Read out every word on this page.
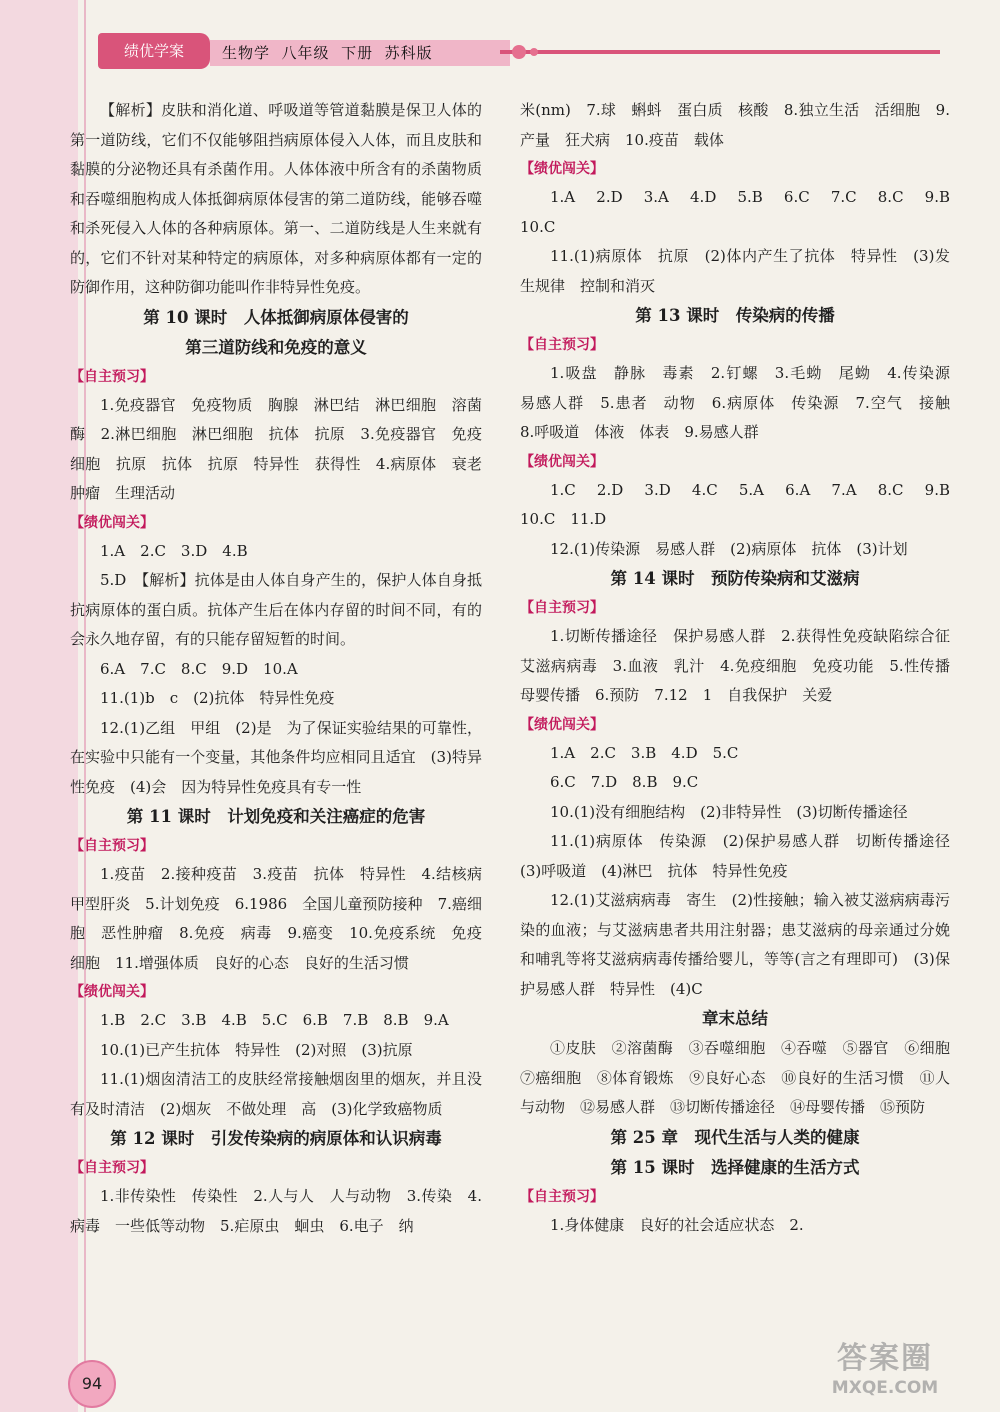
绩优学案	生物学  八年级  下册  苏科版

【解析】皮肤和消化道、呼吸道等管道黏膜是保卫人体的第一道防线，它们不仅能够阻挡病原体侵入人体，而且皮肤和黏膜的分泌物还具有杀菌作用。人体体液中所含有的杀菌物质和吞噬细胞构成人体抵御病原体侵害的第二道防线，能够吞噬和杀死侵入人体的各种病原体。第一、二道防线是人生来就有的，它们不针对某种特定的病原体，对多种病原体都有一定的防御作用，这种防御功能叫作非特异性免疫。

第 10 课时　人体抵御病原体侵害的
第三道防线和免疫的意义
【 自主预习 】

1.免疫器官　免疫物质　胸腺　淋巴结　淋巴细胞　溶菌酶　2.淋巴细胞　淋巴细胞　抗体　抗原　3.免疫器官　免疫细胞　抗原　抗体　抗原　特异性　获得性　4.病原体　衰老　肿瘤　生理活动

【 绩优闯关 】

1.A　2.C　3.D　4.B

5.D　【解析】抗体是由人体自身产生的，保护人体自身抵抗病原体的蛋白质。抗体产生后在体内存留的时间不同，有的会永久地存留，有的只能存留短暂的时间。

6.A　7.C　8.C　9.D　10.A

11.(1)b　c　(2)抗体　特异性免疫

12.(1)乙组　甲组　(2)是　为了保证实验结果的可靠性，在实验中只能有一个变量，其他条件均应相同且适宜　(3)特异性免疫　(4)会　因为特异性免疫具有专一性

第 11 课时　计划免疫和关注癌症的危害
【 自主预习 】

1.疫苗　2.接种疫苗　3.疫苗　抗体　特异性　4.结核病　甲型肝炎　5.计划免疫　6.1986　全国儿童预防接种　7.癌细胞　恶性肿瘤　8.免疫　病毒　9.癌变　10.免疫系统　免疫细胞　11.增强体质　良好的心态　良好的生活习惯

【 绩优闯关 】

1.B　2.C　3.B　4.B　5.C　6.B　7.B　8.B　9.A

10.(1)已产生抗体　特异性　(2)对照　(3)抗原

11.(1)烟囱清洁工的皮肤经常接触烟囱里的烟灰，并且没有及时清洁　(2)烟灰　不做处理　高　(3)化学致癌物质

第 12 课时　引发传染病的病原体和认识病毒
【 自主预习 】

1.非传染性　传染性　2.人与人　人与动物　3.传染　4.病毒　一些低等动物　5.疟原虫　蛔虫　6.电子　纳

米(nm)　7.球　蝌蚪　蛋白质　核酸　8.独立生活　活细胞　9.产量　狂犬病　10.疫苗　载体

【 绩优闯关 】

1.A　2.D　3.A　4.D　5.B　6.C　7.C　8.C　9.B　10.C

11.(1)病原体　抗原　(2)体内产生了抗体　特异性　(3)发生规律　控制和消灭

第 13 课时　传染病的传播
【 自主预习 】

1.吸盘　静脉　毒素　2.钉螺　3.毛蚴　尾蚴　4.传染源　易感人群　5.患者　动物　6.病原体　传染源　7.空气　接触　8.呼吸道　体液　体表　9.易感人群

【 绩优闯关 】

1.C　2.D　3.D　4.C　5.A　6.A　7.A　8.C　9.B　10.C　11.D

12.(1)传染源　易感人群　(2)病原体　抗体　(3)计划

第 14 课时　预防传染病和艾滋病
【 自主预习 】

1.切断传播途径　保护易感人群　2.获得性免疫缺陷综合征　艾滋病病毒　3.血液　乳汁　4.免疫细胞　免疫功能　5.性传播　母婴传播　6.预防　7.12　1　自我保护　关爱

【 绩优闯关 】

1.A　2.C　3.B　4.D　5.C

6.C　7.D　8.B　9.C

10.(1)没有细胞结构　(2)非特异性　(3)切断传播途径

11.(1)病原体　传染源　(2)保护易感人群　切断传播途径　(3)呼吸道　(4)淋巴　抗体　特异性免疫

12.(1)艾滋病病毒　寄生　(2)性接触；输入被艾滋病病毒污染的血液；与艾滋病患者共用注射器；患艾滋病的母亲通过分娩和哺乳等将艾滋病病毒传播给婴儿，等等(言之有理即可)　(3)保护易感人群　特异性　(4)C

章末总结

①皮肤　②溶菌酶　③吞噬细胞　④吞噬　⑤器官　⑥细胞　⑦癌细胞　⑧体育锻炼　⑨良好心态　⑩良好的生活习惯　⑪人与动物　⑫易感人群　⑬切断传播途径　⑭母婴传播　⑮预防

第 25 章　现代生活与人类的健康
第 15 课时　选择健康的生活方式
【 自主预习 】

1.身体健康　良好的社会适应状态　2.

94
答案圈
MXQE.COM
